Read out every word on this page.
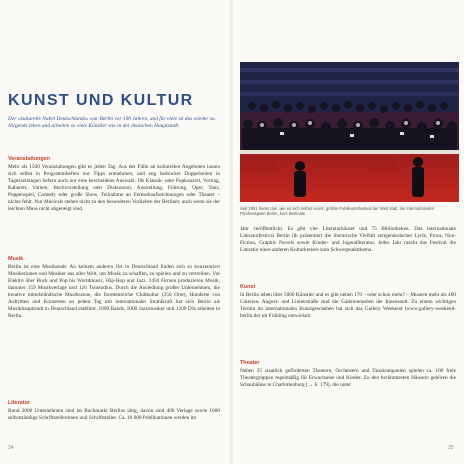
KUNST UND KULTUR
Der »kulturelle Nabel Deutschlands« war Berlin vor 100 Jahren, und für viele ist das wieder so. Nirgends leben und arbeiten so viele Künstler wie in der deutschen Hauptstadt.
Veranstaltungen
Mehr als 1500 Veranstaltungen gibt es jeden Tag. Aus der Fülle an kulturellen Angeboten lassen sich selbst in Programmheften nur Tipps entnehmen, und eng bedruckte Doppelseiten in Tageszeitungen liefern auch nur eine bescheidene Auswahl. Ob Klassik- oder Popkonzert, Vortrag, Kabarett, Varieté, Buchvorstellung oder Diskussion, Ausstellung, Führung, Oper, Tanz, Puppenspiel, Comedy oder große Show, Teilnahme an Fernsehaufzeichnungen oder Theater – nichts fehlt. Nur Musicals stehen nicht zu den besonderen Vorlieben der Berliner, auch wenn sie der leichten Muse nicht abgeneigt sind.
Musik
Berlin ist eine Musikstadt: An keinem anderen Ort in Deutschland finden sich so konzentriert Musikerinnen und Musiker aus aller Welt, um Musik zu schaffen, zu spielen und zu vertreiben. Vor Elektro über Rock und Pop bis Worldmusic, Hip-Hop und Jazz. 1450 Firmen produzieren Musik, darunter 159 Musikverlage und 126 Tonstudios. Durch die Ansiedlung großer Unternehmen, die kreative mittelständische Musikszene, die facettenreiche Clubkultur (250 Orte), Hunderte von Auftritten und Konzerten an jedem Tag mit internationaler Strahlkraft hat sich Berlin als Musikhauptstadt in Deutschland etabliert. 1000 Bands, 1000 Jazzmusiker und 1200 DJs arbeiten in Berlin.
Literatur
Rund 2000 Unternehmen sind im Buchmarkt Berlins tätig, davon sind 400 Verlage sowie 1000 selbstständige Schriftstellerinnen und Schriftsteller. Ca. 10 000 Publikationen werden im
24
Seit 1951 findet das, wie es sich selbst nennt, größte Publikumsfestival der Welt statt, die Internationalen Filmfestspiele Berlin, kurz Berlinale.
Jahr veröffentlicht. Es gibt vier Literaturhäuser und 75 Bibliotheken. Das internationale Literaturfestival Berlin ilb präsentiert die literarische Vielfalt zeitgenössischer Lyrik, Prosa, Non-Fiction, Graphic Novels sowie Kinder- und Jugendliteratur. Jedes Jahr macht das Festival die Literatur eines anderen Kulturkreises zum Schwerpunktthema.
Kunst
In Berlin leben über 5000 Künstler und es gibt neben 170 – oder schon mehr? – Museen mehr als 400 Galerien. August- und Linienstraße sind die Galerienmeilen der Innenstadt. Zu einem wichtigen Termin im internationalen Kunstgeschehen hat sich das Gallery Weekend (www.gallery-weekend-berlin.de) im Frühling entwickelt.
Theater
Neben 35 staatlich geförderten Theatern, Orchestern und Tanzkompanien spielen ca. 100 freie Theatergruppen regelmäßig für Erwachsene und Kinder. Zu den berühmtesten Häusern gehören die Schaubühne in Charlottenburg (→ S. 179), die unter
25
